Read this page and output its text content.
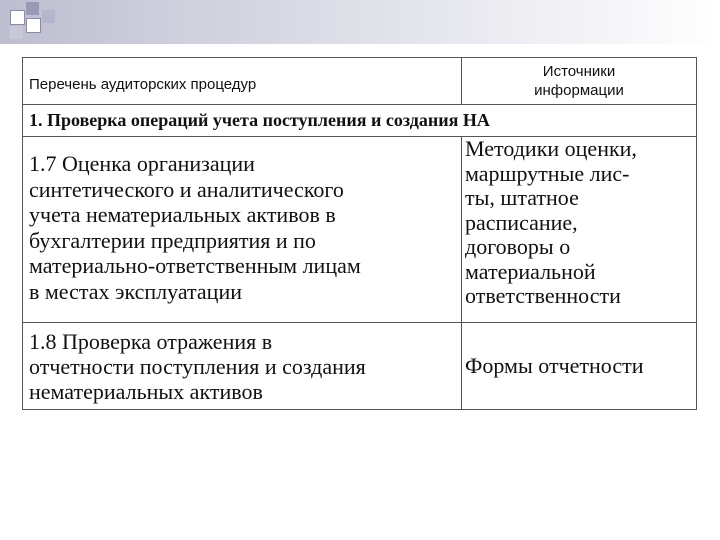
Перечень аудиторских процедур
Источники
информации
1. Проверка операций учета поступления и создания НА
1.7 Оценка организации
синтетического и аналитического
учета нематериальных активов в
бухгалтерии предприятия и по
материально-ответственным лицам
в местах эксплуатации
Методики оценки,
маршрутные лис-
ты, штатное
расписание,
договоры о
материальной
ответственности
1.8 Проверка отражения в
отчетности поступления и создания
нематериальных активов
Формы отчетности
